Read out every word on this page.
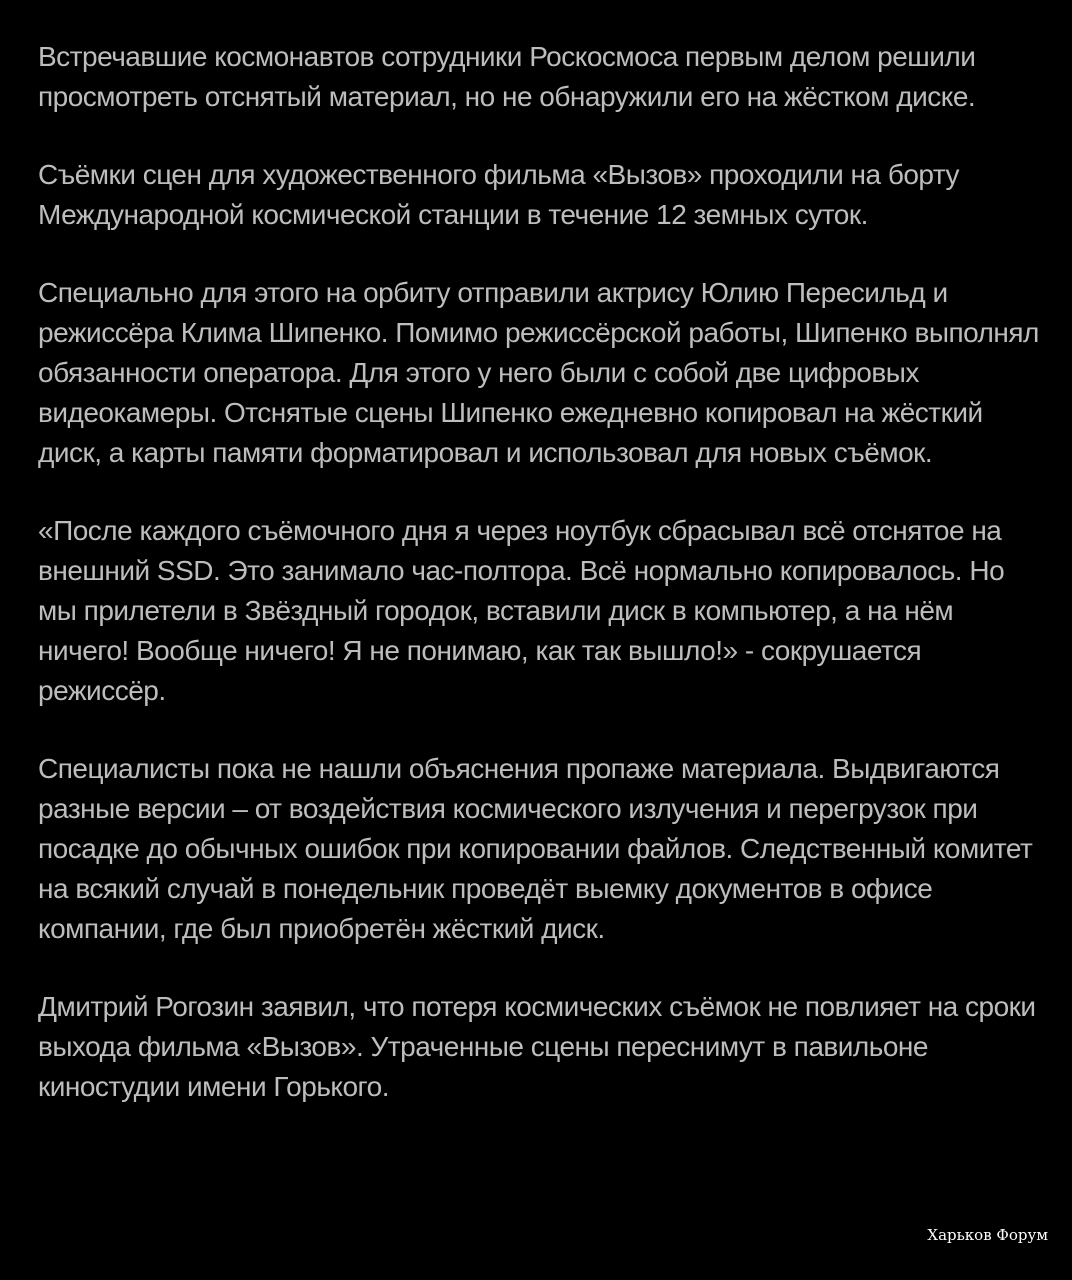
Встречавшие космонавтов сотрудники Роскосмоса первым делом решили просмотреть отснятый материал, но не обнаружили его на жёстком диске.

Съёмки сцен для художественного фильма «Вызов» проходили на борту Международной космической станции в течение 12 земных суток.

Специально для этого на орбиту отправили актрису Юлию Пересильд и режиссёра Клима Шипенко. Помимо режиссёрской работы, Шипенко выполнял обязанности оператора. Для этого у него были с собой две цифровых видеокамеры. Отснятые сцены Шипенко ежедневно копировал на жёсткий диск, а карты памяти форматировал и использовал для новых съёмок.

«После каждого съёмочного дня я через ноутбук сбрасывал всё отснятое на внешний SSD. Это занимало час-полтора. Всё нормально копировалось. Но мы прилетели в Звёздный городок, вставили диск в компьютер, а на нём ничего! Вообще ничего! Я не понимаю, как так вышло!» - сокрушается режиссёр.

Специалисты пока не нашли объяснения пропаже материала. Выдвигаются разные версии – от воздействия космического излучения и перегрузок при посадке до обычных ошибок при копировании файлов. Следственный комитет на всякий случай в понедельник проведёт выемку документов в офисе компании, где был приобретён жёсткий диск.

Дмитрий Рогозин заявил, что потеря космических съёмок не повлияет на сроки выхода фильма «Вызов». Утраченные сцены переснимут в павильоне киностудии имени Горького.

Харьков Форум
